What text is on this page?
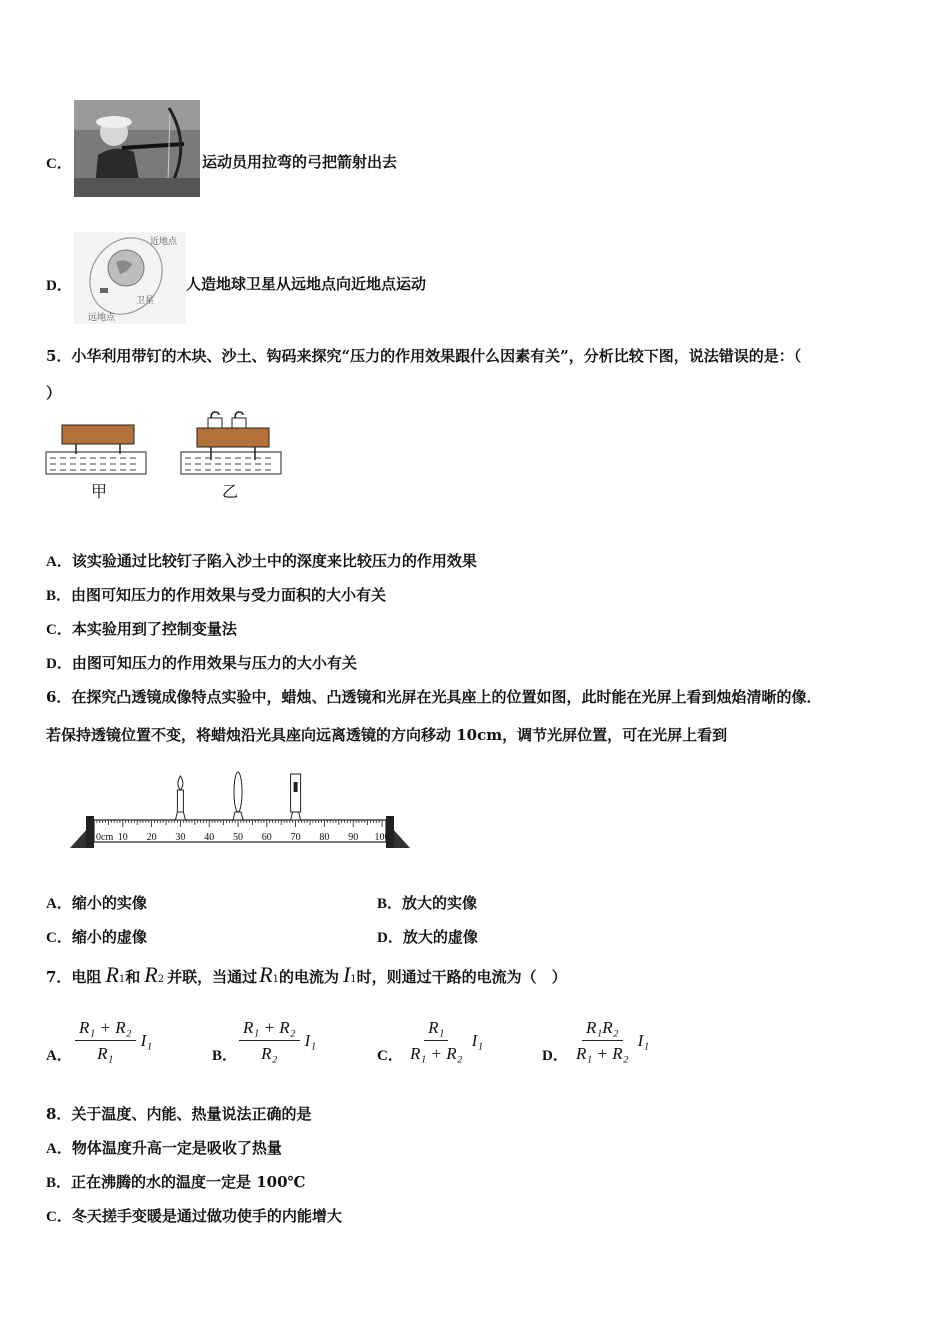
C．	运动员用拉弯的弓把箭射出去
D．
近地点
卫星
远地点
人造地球卫星从远地点向近地点运动
5．小华利用带钉的木块、沙土、钩码来探究“压力的作用效果跟什么因素有关”，分析比较下图，说法错误的是：（
）
甲	乙
A．该实验通过比较钉子陷入沙土中的深度来比较压力的作用效果
B．由图可知压力的作用效果与受力面积的大小有关
C．本实验用到了控制变量法
D．由图可知压力的作用效果与压力的大小有关
6．在探究凸透镜成像特点实验中，蜡烛、凸透镜和光屏在光具座上的位置如图，此时能在光屏上看到烛焰清晰的像．
若保持透镜位置不变，将蜡烛沿光具座向远离透镜的方向移动 10cm，调节光屏位置，可在光屏上看到
0cm 10 20 30 40 50 60 70 80 90 100
A．缩小的实像	B．放大的实像
C．缩小的虚像	D．放大的虚像
7．电阻 $R_1$ 和 $R_2$ 并联，当通过 $R_1$ 的电流为 $I_1$ 时，则通过干路的电流为（　）
A． $\frac{\text{R₁ + R₂}}{\text{R₁}} I_1$
B． $\frac{\text{R₁ + R₂}}{\text{R₂}} I_1$
C． $\frac{\text{R₁}}{\text{R₁ + R₂}} I_1$
D． $\frac{\text{R₁R₂}}{\text{R₁ + R₂}} I_1$
8．关于温度、内能、热量说法正确的是
A．物体温度升高一定是吸收了热量
B．正在沸腾的水的温度一定是 100℃
C．冬天搓手变暖是通过做功使手的内能增大
